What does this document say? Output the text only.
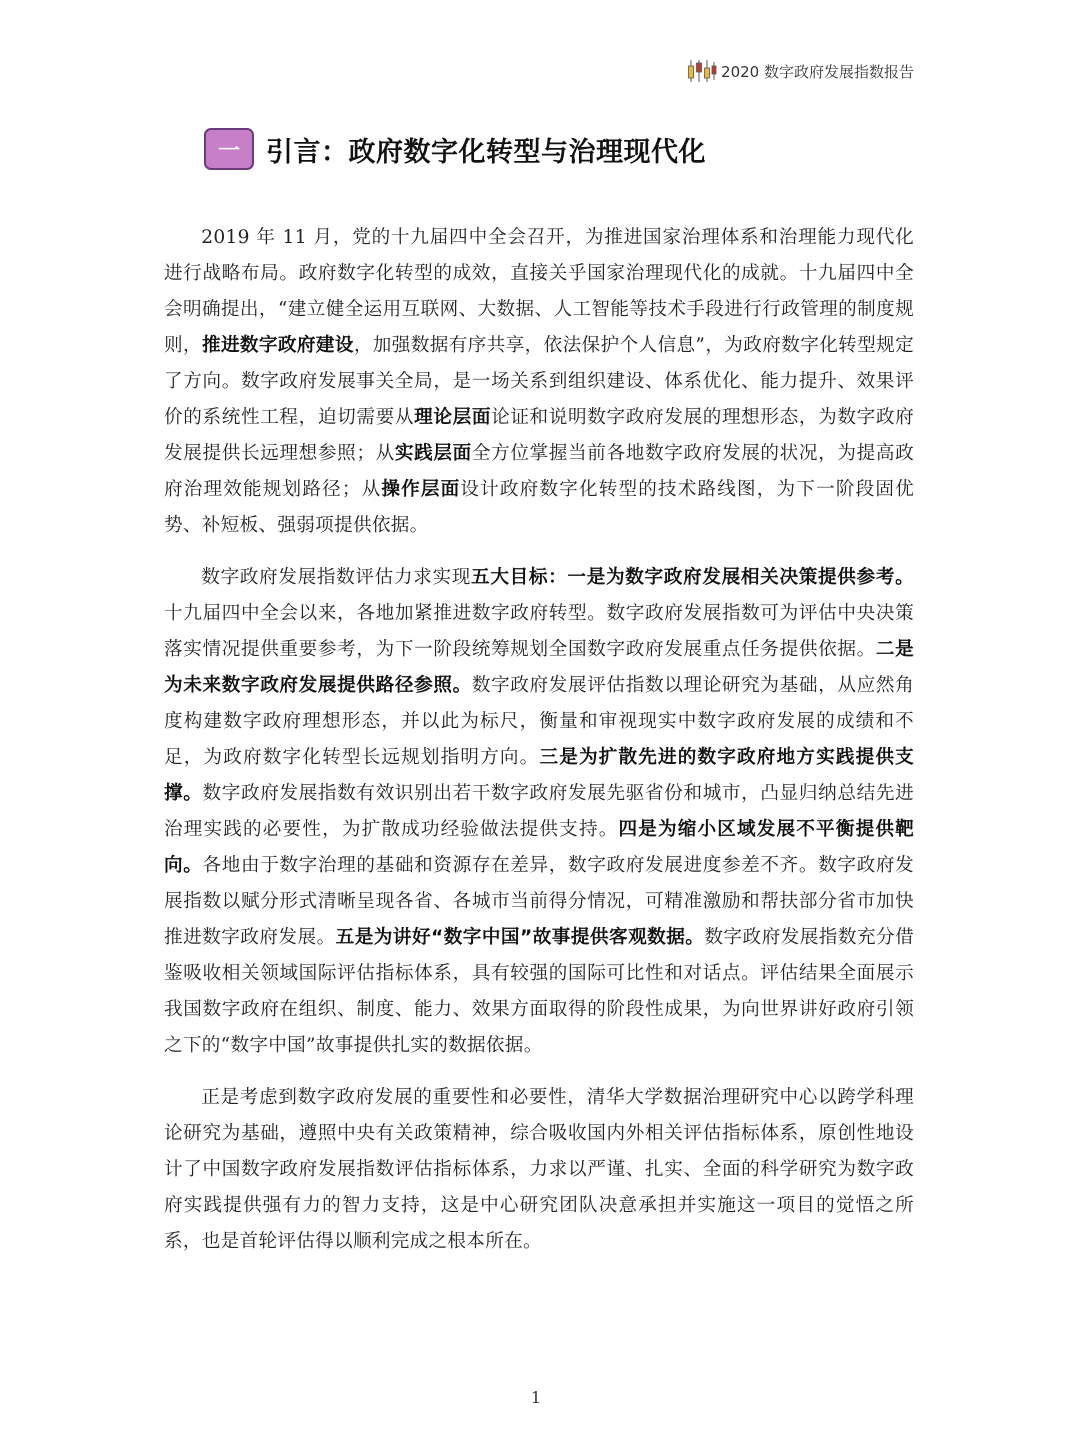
2020 数字政府发展指数报告
一 引言：政府数字化转型与治理现代化

2019 年 11 月，党的十九届四中全会召开，为推进国家治理体系和治理能力现代化进行战略布局。政府数字化转型的成效，直接关乎国家治理现代化的成就。十九届四中全会明确提出，“建立健全运用互联网、大数据、人工智能等技术手段进行行政管理的制度规则，推进数字政府建设，加强数据有序共享，依法保护个人信息”，为政府数字化转型规定了方向。数字政府发展事关全局，是一场关系到组织建设、体系优化、能力提升、效果评价的系统性工程，迫切需要从理论层面论证和说明数字政府发展的理想形态，为数字政府发展提供长远理想参照；从实践层面全方位掌握当前各地数字政府发展的状况，为提高政府治理效能规划路径；从操作层面设计政府数字化转型的技术路线图，为下一阶段固优势、补短板、强弱项提供依据。

数字政府发展指数评估力求实现五大目标：一是为数字政府发展相关决策提供参考。十九届四中全会以来，各地加紧推进数字政府转型。数字政府发展指数可为评估中央决策落实情况提供重要参考，为下一阶段统筹规划全国数字政府发展重点任务提供依据。二是为未来数字政府发展提供路径参照。数字政府发展评估指数以理论研究为基础，从应然角度构建数字政府理想形态，并以此为标尺，衡量和审视现实中数字政府发展的成绩和不足，为政府数字化转型长远规划指明方向。三是为扩散先进的数字政府地方实践提供支撑。数字政府发展指数有效识别出若干数字政府发展先驱省份和城市，凸显归纳总结先进治理实践的必要性，为扩散成功经验做法提供支持。四是为缩小区域发展不平衡提供靶向。各地由于数字治理的基础和资源存在差异，数字政府发展进度参差不齐。数字政府发展指数以赋分形式清晰呈现各省、各城市当前得分情况，可精准激励和帮扶部分省市加快推进数字政府发展。五是为讲好“数字中国”故事提供客观数据。数字政府发展指数充分借鉴吸收相关领域国际评估指标体系，具有较强的国际可比性和对话点。评估结果全面展示我国数字政府在组织、制度、能力、效果方面取得的阶段性成果，为向世界讲好政府引领之下的“数字中国”故事提供扎实的数据依据。

正是考虑到数字政府发展的重要性和必要性，清华大学数据治理研究中心以跨学科理论研究为基础，遵照中央有关政策精神，综合吸收国内外相关评估指标体系，原创性地设计了中国数字政府发展指数评估指标体系，力求以严谨、扎实、全面的科学研究为数字政府实践提供强有力的智力支持，这是中心研究团队决意承担并实施这一项目的觉悟之所系，也是首轮评估得以顺利完成之根本所在。

1
